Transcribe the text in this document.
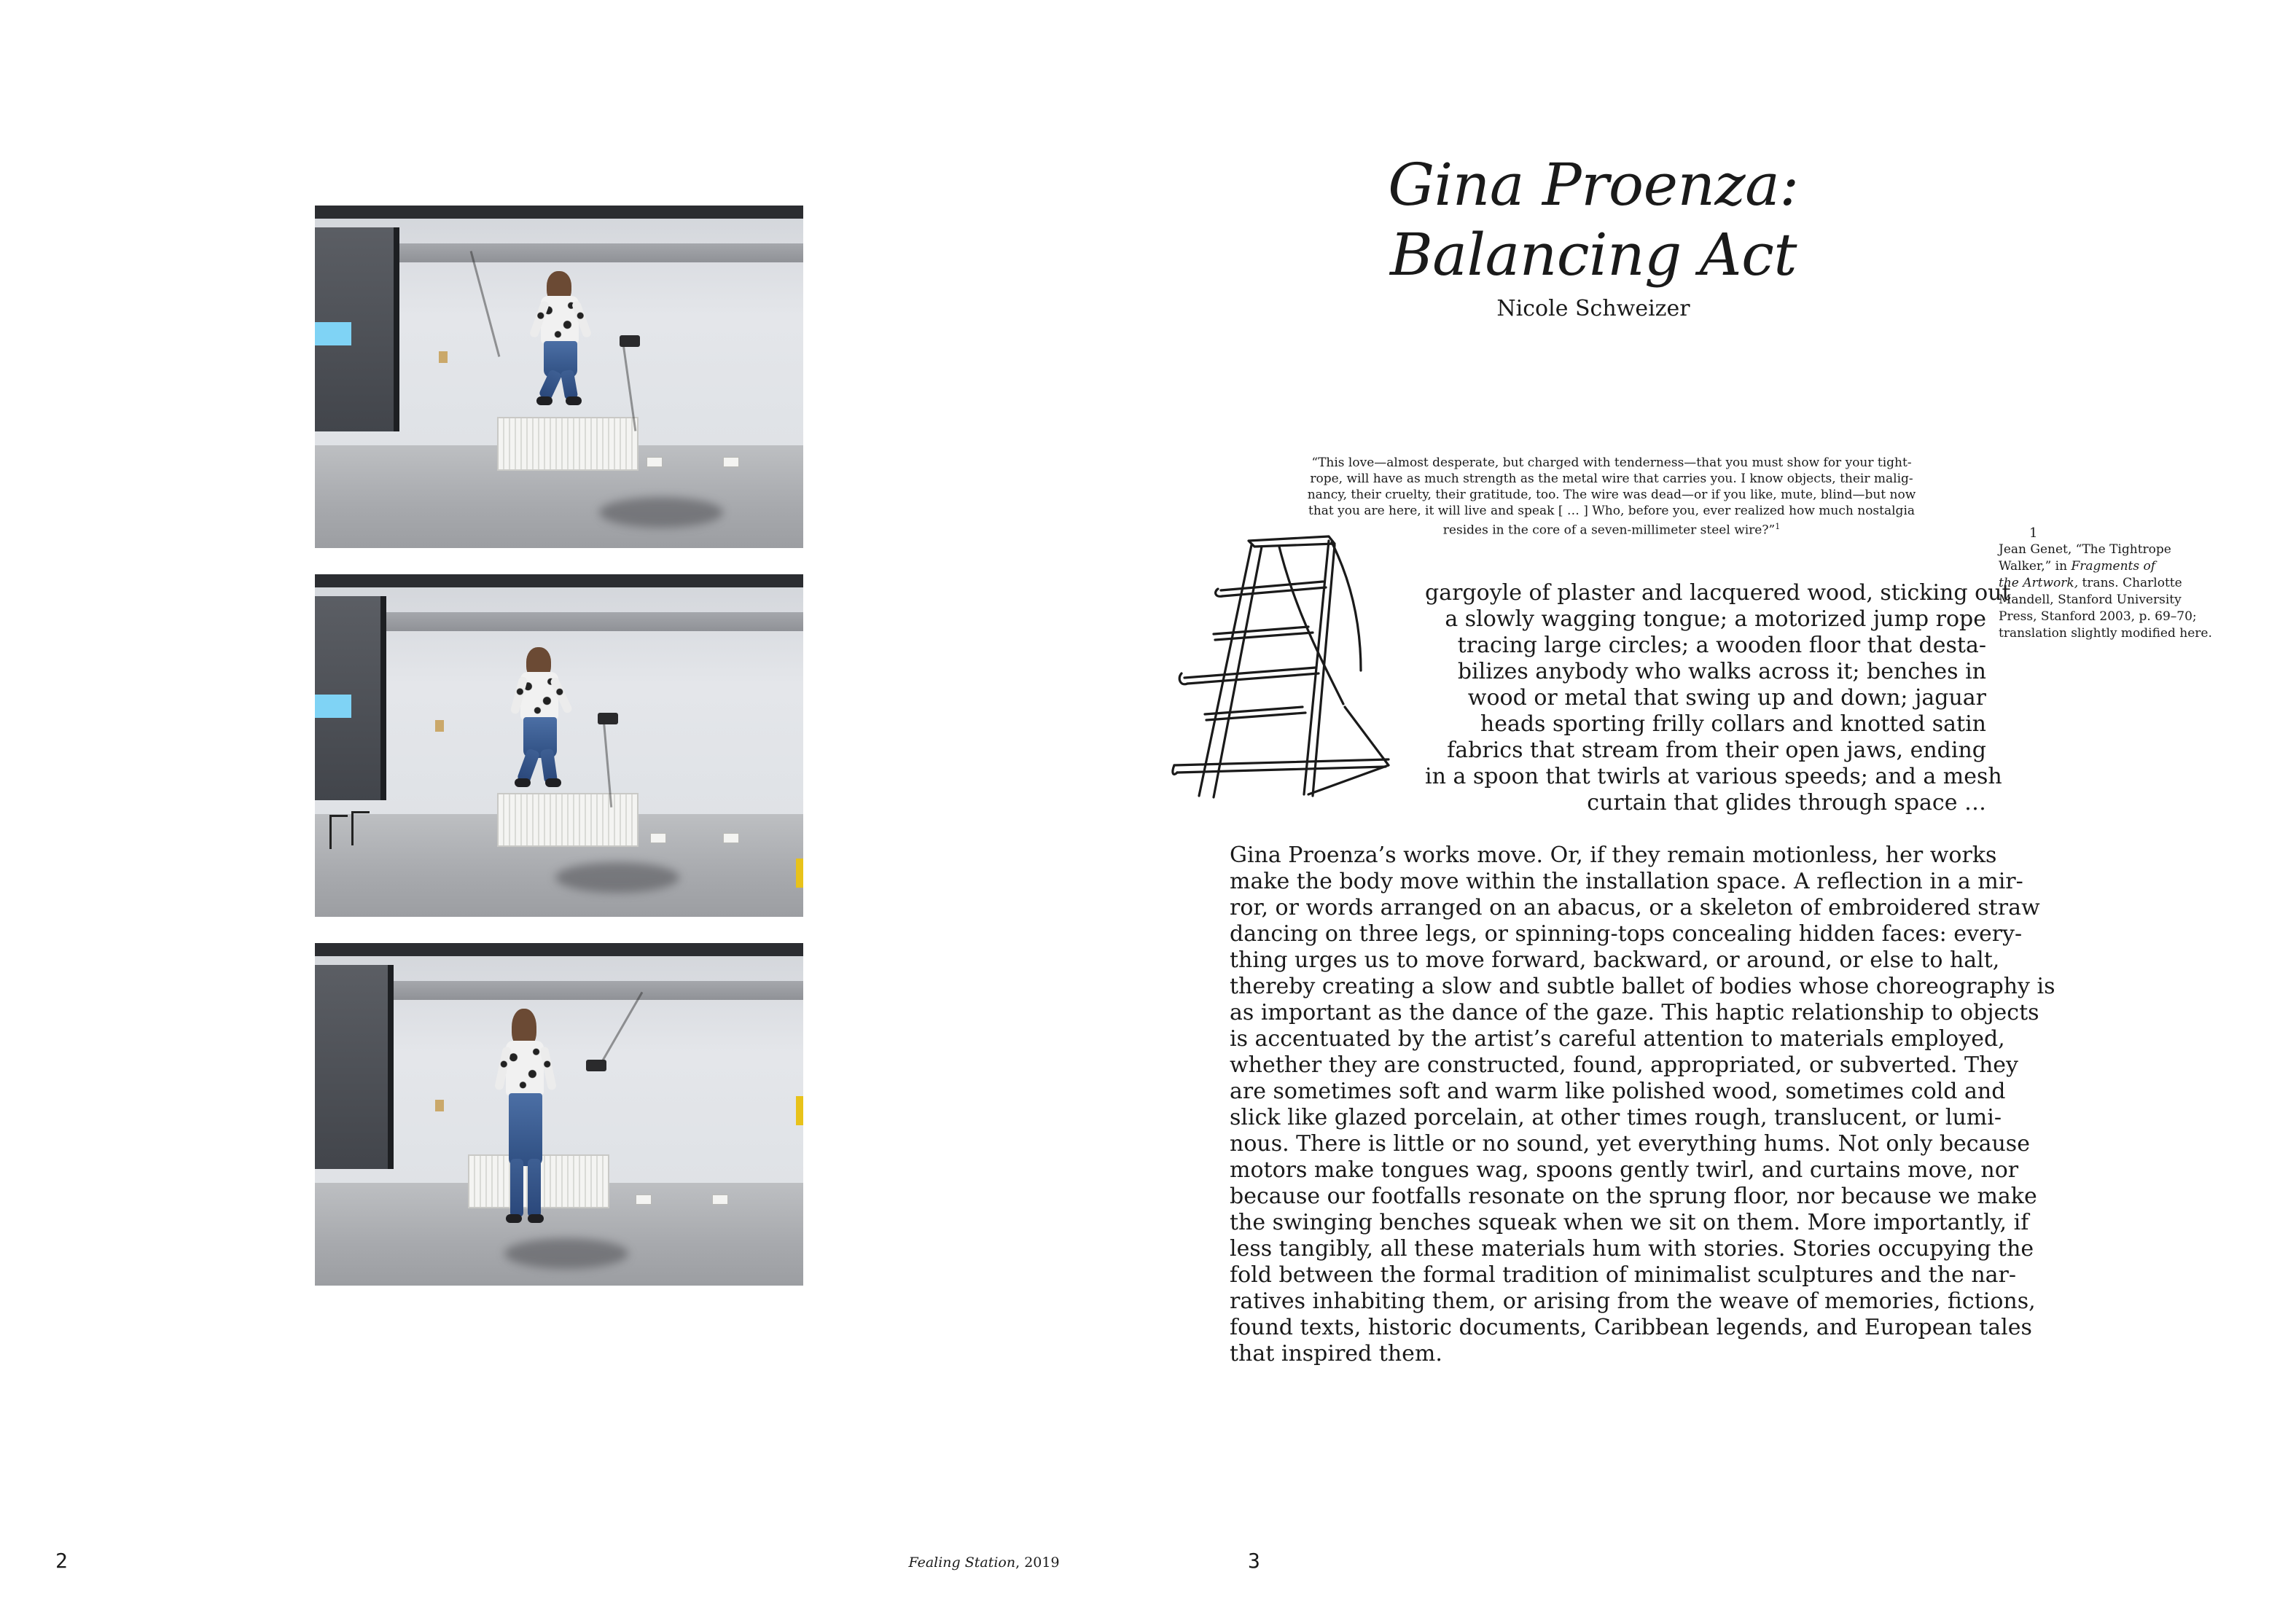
Gina Proenza:
Balancing Act
Nicole Schweizer

“This love—almost desperate, but charged with tenderness—that you must show for your tight-
rope, will have as much strength as the metal wire that carries you. I know objects, their malig-
nancy, their cruelty, their gratitude, too. The wire was dead—or if you like, mute, blind—but now
that you are here, it will live and speak [ … ] Who, before you, ever realized how much nostalgia
resides in the core of a seven-millimeter steel wire?”$^1$

gargoyle of plaster and lacquered wood, sticking out
a slowly wagging tongue; a motorized jump rope
tracing large circles; a wooden floor that desta-
bilizes anybody who walks across it; benches in
wood or metal that swing up and down; jaguar
heads sporting frilly collars and knotted satin
fabrics that stream from their open jaws, ending
in a spoon that twirls at various speeds; and a mesh
curtain that glides through space …

Gina Proenza’s works move. Or, if they remain motionless, her works
make the body move within the installation space. A reflection in a mir-
ror, or words arranged on an abacus, or a skeleton of embroidered straw
dancing on three legs, or spinning-tops concealing hidden faces: every-
thing urges us to move forward, backward, or around, or else to halt,
thereby creating a slow and subtle ballet of bodies whose choreography is
as important as the dance of the gaze. This haptic relationship to objects
is accentuated by the artist’s careful attention to materials employed,
whether they are constructed, found, appropriated, or subverted. They
are sometimes soft and warm like polished wood, sometimes cold and
slick like glazed porcelain, at other times rough, translucent, or lumi-
nous. There is little or no sound, yet everything hums. Not only because
motors make tongues wag, spoons gently twirl, and curtains move, nor
because our footfalls resonate on the sprung floor, nor because we make
the swinging benches squeak when we sit on them. More importantly, if
less tangibly, all these materials hum with stories. Stories occupying the
fold between the formal tradition of minimalist sculptures and the nar-
ratives inhabiting them, or arising from the weave of memories, fictions,
found texts, historic documents, Caribbean legends, and European tales
that inspired them.

1
Jean Genet, “The Tightrope
Walker,” in Fragments of
the Artwork, trans. Charlotte
Mandell, Stanford University
Press, Stanford 2003, p. 69–70;
translation slightly modified here.
2	Fealing Station, 2019	3
